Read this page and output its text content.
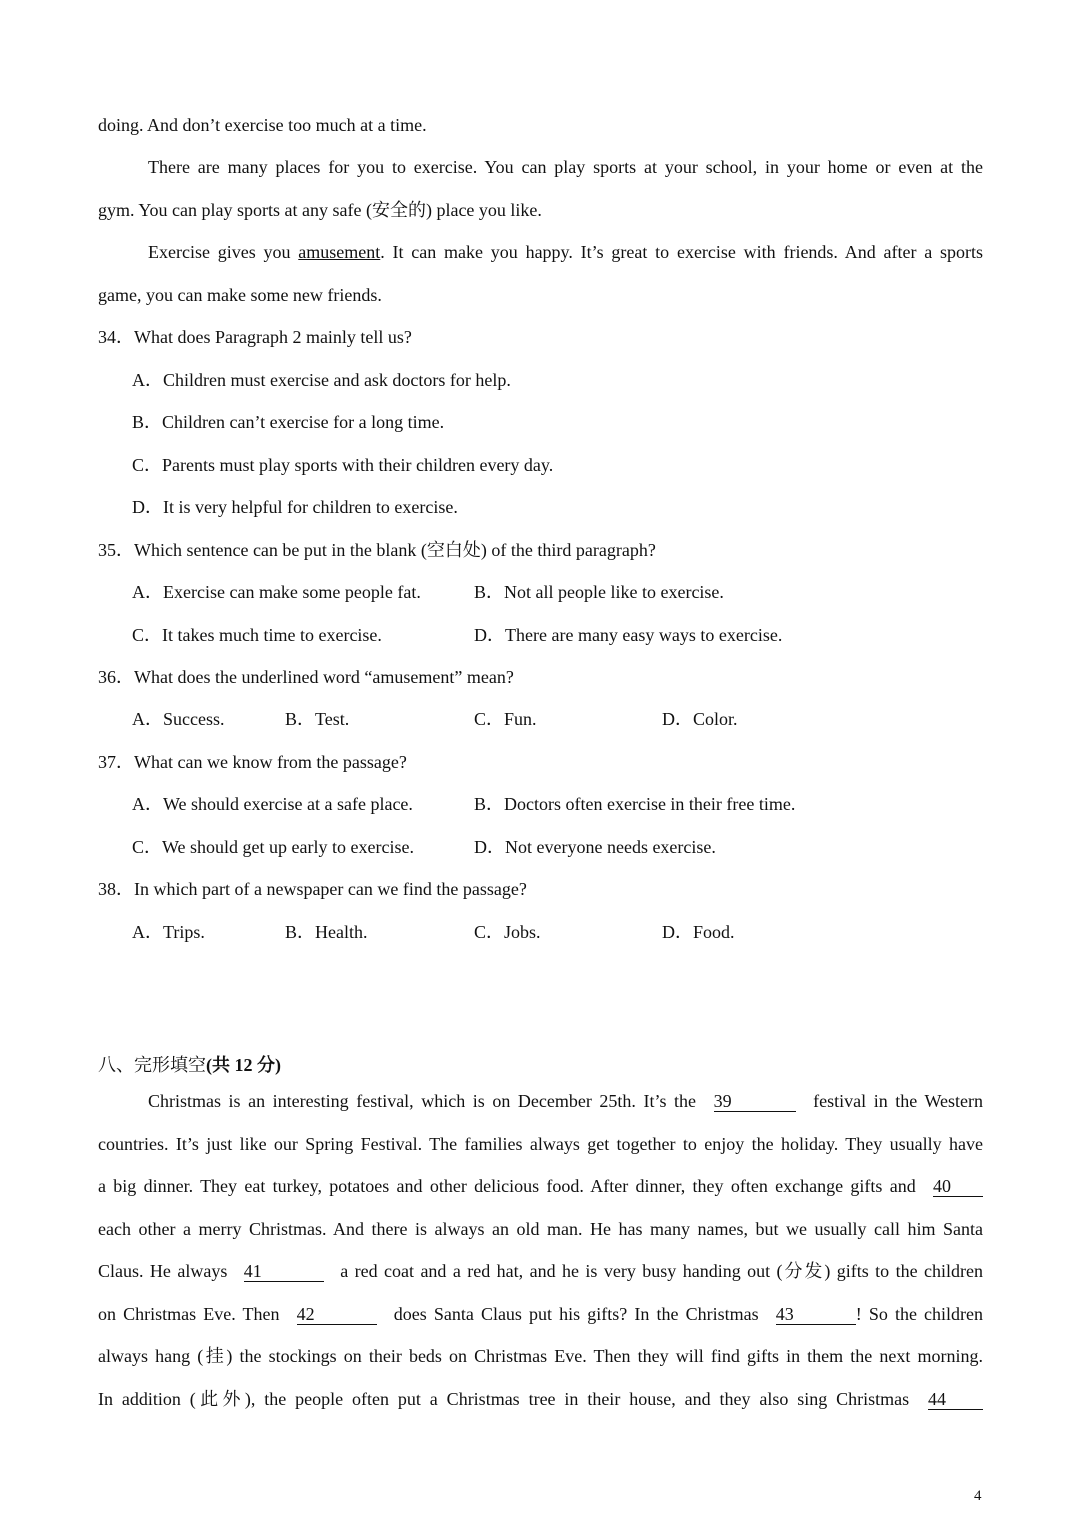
doing. And don’t exercise too much at a time.
There are many places for you to exercise. You can play sports at your school, in your home or even at the
gym. You can play sports at any safe (安全的) place you like.
Exercise gives you amusement. It can make you happy. It’s great to exercise with friends. And after a sports
game, you can make some new friends.
34．What does Paragraph 2 mainly tell us?
A．Children must exercise and ask doctors for help.
B．Children can’t exercise for a long time.
C．Parents must play sports with their children every day.
D．It is very helpful for children to exercise.
35．Which sentence can be put in the blank (空白处) of the third paragraph?
A．Exercise can make some people fat.	B．Not all people like to exercise.
C．It takes much time to exercise.	D．There are many easy ways to exercise.
36．What does the underlined word “amusement” mean?
A．Success.	B．Test.	C．Fun.	D．Color.
37．What can we know from the passage?
A．We should exercise at a safe place.	B．Doctors often exercise in their free time.
C．We should get up early to exercise.	D．Not everyone needs exercise.
38．In which part of a newspaper can we find the passage?
A．Trips.	B．Health.	C．Jobs.	D．Food.
八、完形填空(共 12 分)
Christmas is an interesting festival, which is on December 25th. It’s the 39	festival in the Western
countries. It’s just like our Spring Festival. The families always get together to enjoy the holiday. They usually have
a big dinner. They eat turkey, potatoes and other delicious food. After dinner, they often exchange gifts and 40
each other a merry Christmas. And there is always an old man. He has many names, but we usually call him Santa
Claus. He always 41	a red coat and a red hat, and he is very busy handing out (分发) gifts to the children
on Christmas Eve. Then 42	does Santa Claus put his gifts? In the Christmas 43	! So the children
always hang (挂) the stockings on their beds on Christmas Eve. Then they will find gifts in them the next morning.
In addition (此外), the people often put a Christmas tree in their house, and they also sing Christmas 44
4
